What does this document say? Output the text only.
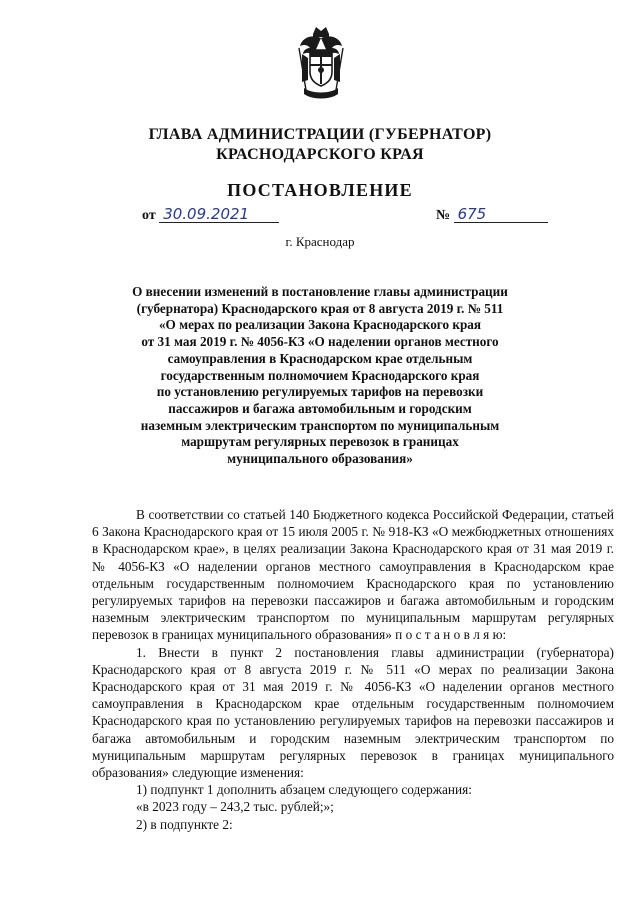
ГЛАВА АДМИНИСТРАЦИИ (ГУБЕРНАТОР)
КРАСНОДАРСКОГО КРАЯ
ПОСТАНОВЛЕНИЕ
от 30.09.2021	№ 675
г. Краснодар
О внесении изменений в постановление главы администрации
(губернатора) Краснодарского края от 8 августа 2019 г. № 511
«О мерах по реализации Закона Краснодарского края
от 31 мая 2019 г. № 4056-КЗ «О наделении органов местного
самоуправления в Краснодарском крае отдельным
государственным полномочием Краснодарского края
по установлению регулируемых тарифов на перевозки
пассажиров и багажа автомобильным и городским
наземным электрическим транспортом по муниципальным
маршрутам регулярных перевозок в границах
муниципального образования»
В соответствии со статьей 140 Бюджетного кодекса Российской Федерации, статьей 6 Закона Краснодарского края от 15 июля 2005 г. № 918-КЗ «О межбюджетных отношениях в Краснодарском крае», в целях реализации Закона Краснодарского края от 31 мая 2019 г. № 4056-КЗ «О наделении органов местного самоуправления в Краснодарском крае отдельным государственным полномочием Краснодарского края по установлению регулируемых тарифов на перевозки пассажиров и багажа автомобильным и городским наземным электрическим транспортом по муниципальным маршрутам регулярных перевозок в границах муниципального образования» п о с т а н о в л я ю:
1. Внести в пункт 2 постановления главы администрации (губернатора) Краснодарского края от 8 августа 2019 г. № 511 «О мерах по реализации Закона Краснодарского края от 31 мая 2019 г. № 4056-КЗ «О наделении органов местного самоуправления в Краснодарском крае отдельным государственным полномочием Краснодарского края по установлению регулируемых тарифов на перевозки пассажиров и багажа автомобильным и городским наземным электрическим транспортом по муниципальным маршрутам регулярных перевозок в границах муниципального образования» следующие изменения:
1) подпункт 1 дополнить абзацем следующего содержания:
«в 2023 году – 243,2 тыс. рублей;»;
2) в подпункте 2:
